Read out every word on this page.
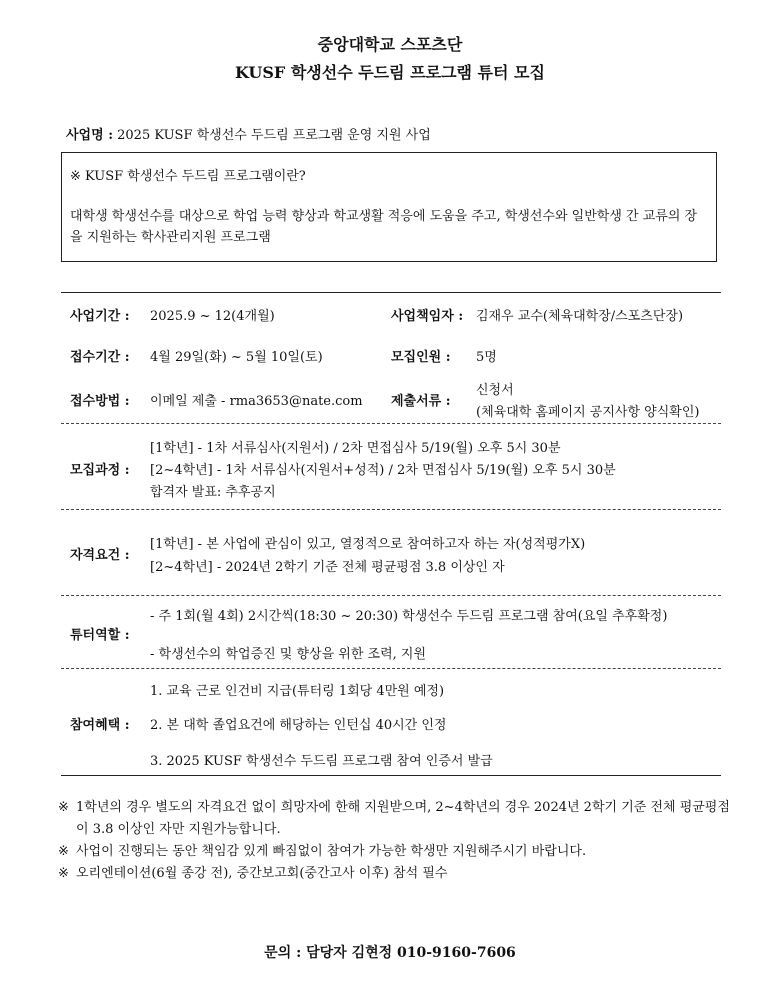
중앙대학교 스포츠단
KUSF 학생선수 두드림 프로그램 튜터 모집
사업명 : 2025 KUSF 학생선수 두드림 프로그램 운영 지원 사업
※ KUSF 학생선수 두드림 프로그램이란?
대학생 학생선수를 대상으로 학업 능력 향상과 학교생활 적응에 도움을 주고, 학생선수와 일반학생 간 교류의 장을 지원하는 학사관리지원 프로그램
사업기간 : 2025.9 ~ 12(4개월)	사업책임자 : 김재우 교수(체육대학장/스포츠단장)
접수기간 : 4월 29일(화) ~ 5월 10일(토)	모집인원 : 5명
접수방법 : 이메일 제출 - rma3653@nate.com 제출서류 :
신청서
(체육대학 홈페이지 공지사항 양식확인)
모집과정 :
[1학년] - 1차 서류심사(지원서) / 2차 면접심사 5/19(월) 오후 5시 30분
[2~4학년] - 1차 서류심사(지원서+성적) / 2차 면접심사 5/19(월) 오후 5시 30분
합격자 발표: 추후공지
자격요건 :
[1학년] - 본 사업에 관심이 있고, 열정적으로 참여하고자 하는 자(성적평가X)
[2~4학년] - 2024년 2학기 기준 전체 평균평점 3.8 이상인 자
튜터역할 :
- 주 1회(월 4회) 2시간씩(18:30 ~ 20:30) 학생선수 두드림 프로그램 참여(요일 추후확정)
- 학생선수의 학업증진 및 향상을 위한 조력, 지원
참여혜택 :
1. 교육 근로 인건비 지급(튜터링 1회당 4만원 예정)
2. 본 대학 졸업요건에 해당하는 인턴십 40시간 인정
3. 2025 KUSF 학생선수 두드림 프로그램 참여 인증서 발급
※ 1학년의 경우 별도의 자격요건 없이 희망자에 한해 지원받으며, 2~4학년의 경우 2024년 2학기 기준 전체 평균평점이 3.8 이상인 자만 지원가능합니다.
※ 사업이 진행되는 동안 책임감 있게 빠짐없이 참여가 가능한 학생만 지원해주시기 바랍니다.
※ 오리엔테이션(6월 종강 전), 중간보고회(중간고사 이후) 참석 필수
문의 : 담당자 김현정 010-9160-7606
